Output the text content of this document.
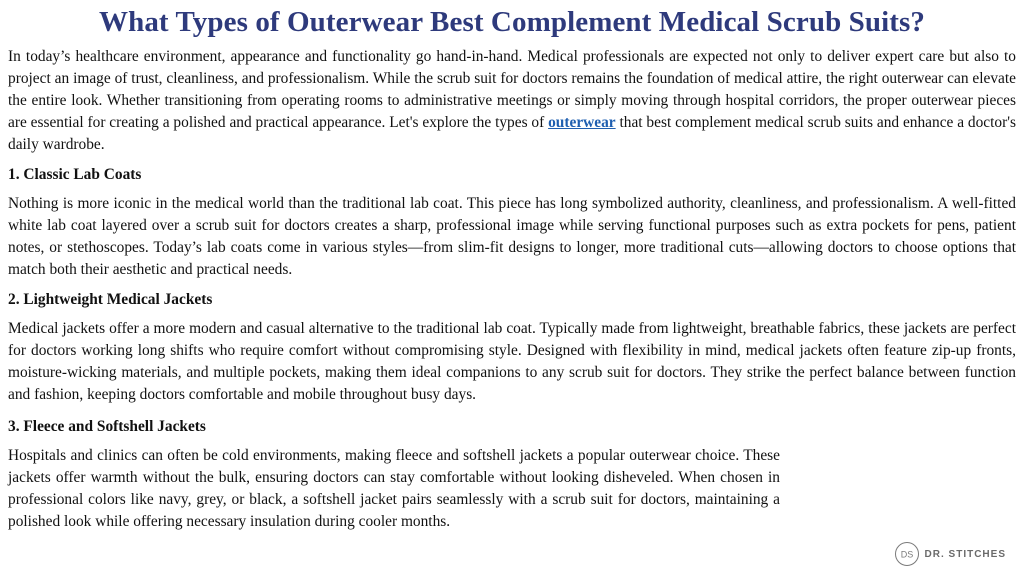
What Types of Outerwear Best Complement Medical Scrub Suits?

In today’s healthcare environment, appearance and functionality go hand-in-hand. Medical professionals are expected not only to deliver expert care but also to project an image of trust, cleanliness, and professionalism. While the scrub suit for doctors remains the foundation of medical attire, the right outerwear can elevate the entire look. Whether transitioning from operating rooms to administrative meetings or simply moving through hospital corridors, the proper outerwear pieces are essential for creating a polished and practical appearance. Let's explore the types of outerwear that best complement medical scrub suits and enhance a doctor's daily wardrobe.

1. Classic Lab Coats

Nothing is more iconic in the medical world than the traditional lab coat. This piece has long symbolized authority, cleanliness, and professionalism. A well-fitted white lab coat layered over a scrub suit for doctors creates a sharp, professional image while serving functional purposes such as extra pockets for pens, patient notes, or stethoscopes. Today’s lab coats come in various styles—from slim-fit designs to longer, more traditional cuts—allowing doctors to choose options that match both their aesthetic and practical needs.

2. Lightweight Medical Jackets

Medical jackets offer a more modern and casual alternative to the traditional lab coat. Typically made from lightweight, breathable fabrics, these jackets are perfect for doctors working long shifts who require comfort without compromising style. Designed with flexibility in mind, medical jackets often feature zip-up fronts, moisture-wicking materials, and multiple pockets, making them ideal companions to any scrub suit for doctors. They strike the perfect balance between function and fashion, keeping doctors comfortable and mobile throughout busy days.

3. Fleece and Softshell Jackets

Hospitals and clinics can often be cold environments, making fleece and softshell jackets a popular outerwear choice. These jackets offer warmth without the bulk, ensuring doctors can stay comfortable without looking disheveled. When chosen in professional colors like navy, grey, or black, a softshell jacket pairs seamlessly with a scrub suit for doctors, maintaining a polished look while offering necessary insulation during cooler months.

DS DR. STITCHES
